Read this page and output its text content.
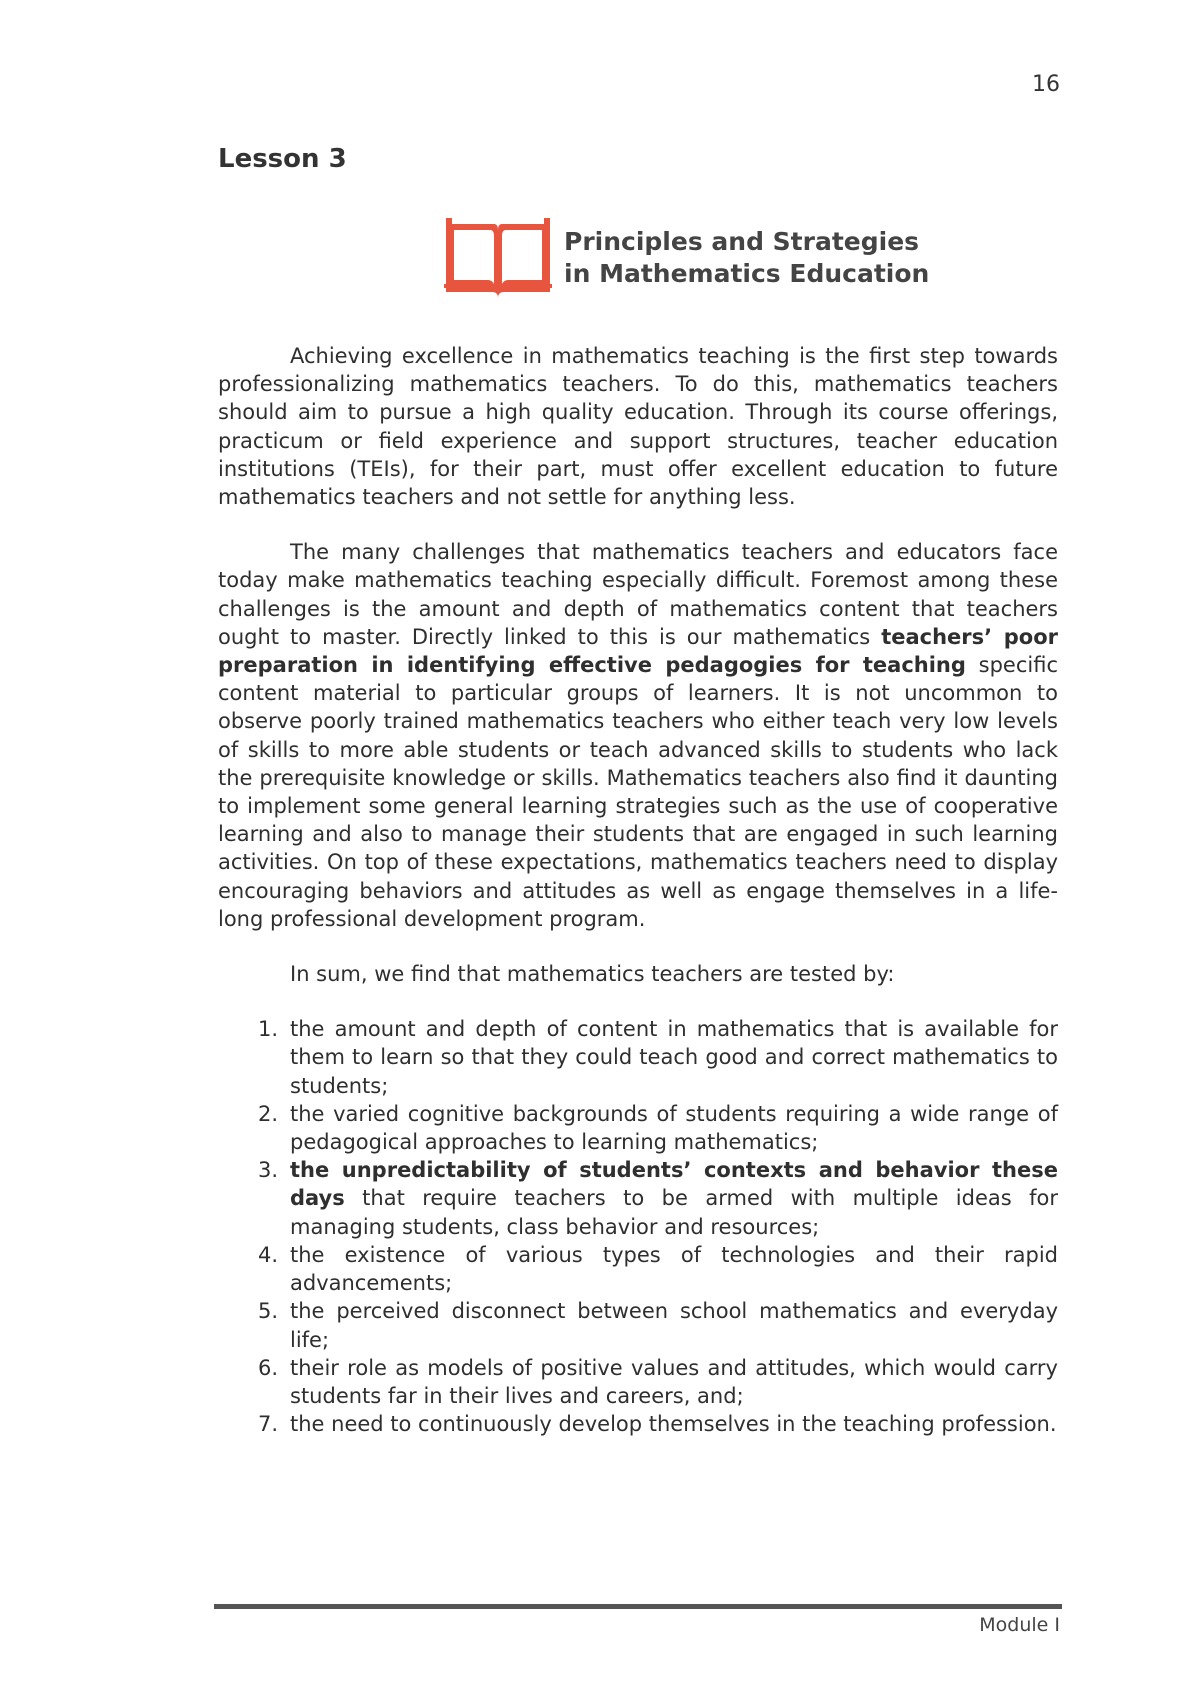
16
Lesson 3
Principles and Strategies
in Mathematics Education

Achieving excellence in mathematics teaching is the first step towards professionalizing mathematics teachers. To do this, mathematics teachers should aim to pursue a high quality education. Through its course offerings, practicum or field experience and support structures, teacher education institutions (TEIs), for their part, must offer excellent education to future mathematics teachers and not settle for anything less.

The many challenges that mathematics teachers and educators face today make mathematics teaching especially difficult. Foremost among these challenges is the amount and depth of mathematics content that teachers ought to master. Directly linked to this is our mathematics teachers’ poor preparation in identifying effective pedagogies for teaching specific content material to particular groups of learners. It is not uncommon to observe poorly trained mathematics teachers who either teach very low levels of skills to more able students or teach advanced skills to students who lack the prerequisite knowledge or skills. Mathematics teachers also find it daunting to implement some general learning strategies such as the use of cooperative learning and also to manage their students that are engaged in such learning activities. On top of these expectations, mathematics teachers need to display encouraging behaviors and attitudes as well as engage themselves in a life-long professional development program.

In sum, we find that mathematics teachers are tested by:

1. the amount and depth of content in mathematics that is available for them to learn so that they could teach good and correct mathematics to students;
2. the varied cognitive backgrounds of students requiring a wide range of pedagogical approaches to learning mathematics;
3. the unpredictability of students’ contexts and behavior these days that require teachers to be armed with multiple ideas for managing students, class behavior and resources;
4. the existence of various types of technologies and their rapid advancements;
5. the perceived disconnect between school mathematics and everyday life;
6. their role as models of positive values and attitudes, which would carry students far in their lives and careers, and;
7. the need to continuously develop themselves in the teaching profession.
Module I
